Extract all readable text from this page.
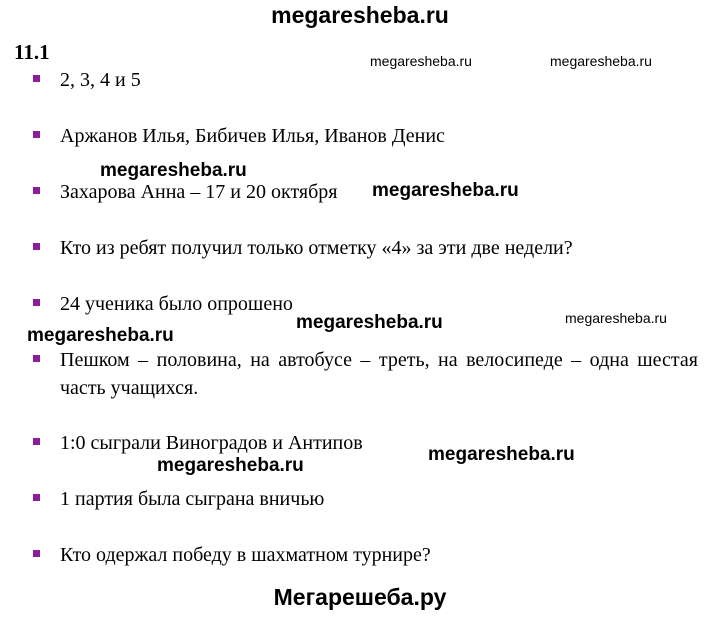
megaresheba.ru
11.1
2, 3, 4 и 5
Аржанов Илья, Бибичев Илья, Иванов Денис
Захарова Анна – 17 и 20 октября
Кто из ребят получил только отметку «4» за эти две недели?
24 ученика было опрошено
Пешком – половина, на автобусе – треть, на велосипеде – одна шестая часть учащихся.
1:0 сыграли Виноградов и Антипов
1 партия была сыграна вничью
Кто одержал победу в шахматном турнире?
megaresheba.ru	megaresheba.ru
megaresheba.ru
megaresheba.ru
megaresheba.ru	megaresheba.ru
megaresheba.ru
megaresheba.ru
megaresheba.ru
Мегарешеба.ру
